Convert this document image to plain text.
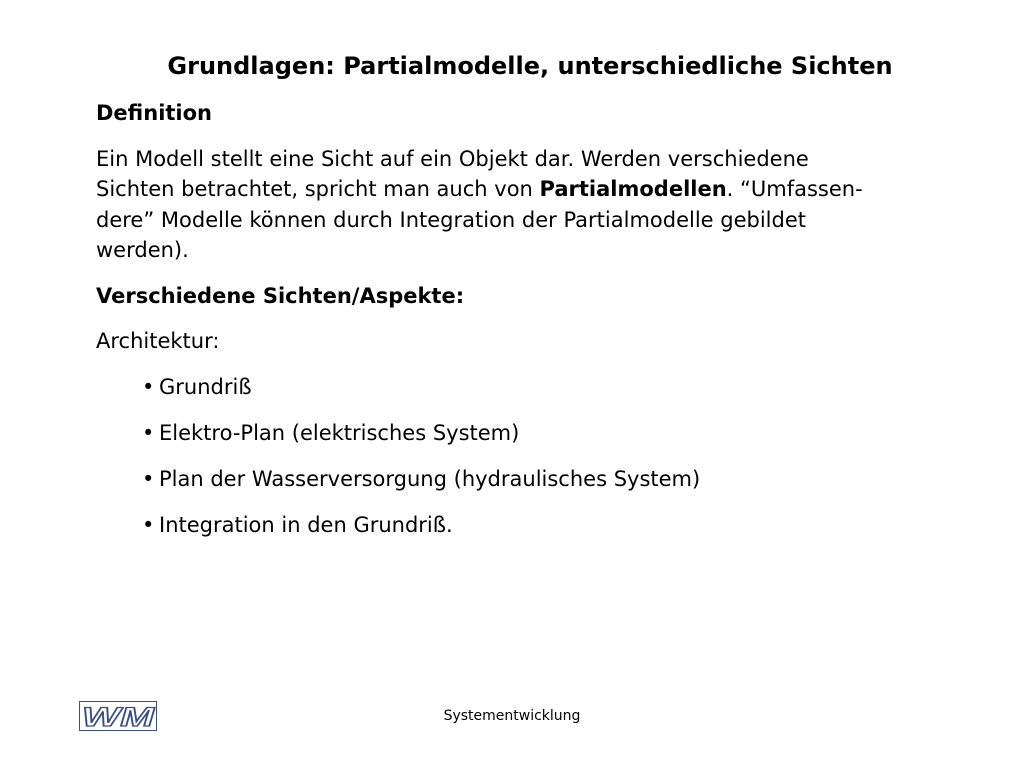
Grundlagen: Partialmodelle, unterschiedliche Sichten
Definition
Ein Modell stellt eine Sicht auf ein Objekt dar. Werden verschiedene
Sichten betrachtet, spricht man auch von Partialmodellen. “Umfassen-
dere” Modelle können durch Integration der Partialmodelle gebildet
werden).
Verschiedene Sichten/Aspekte:
Architektur:
• Grundriß
• Elektro-Plan (elektrisches System)
• Plan der Wasserversorgung (hydraulisches System)
• Integration in den Grundriß.
WM	Systementwicklung
